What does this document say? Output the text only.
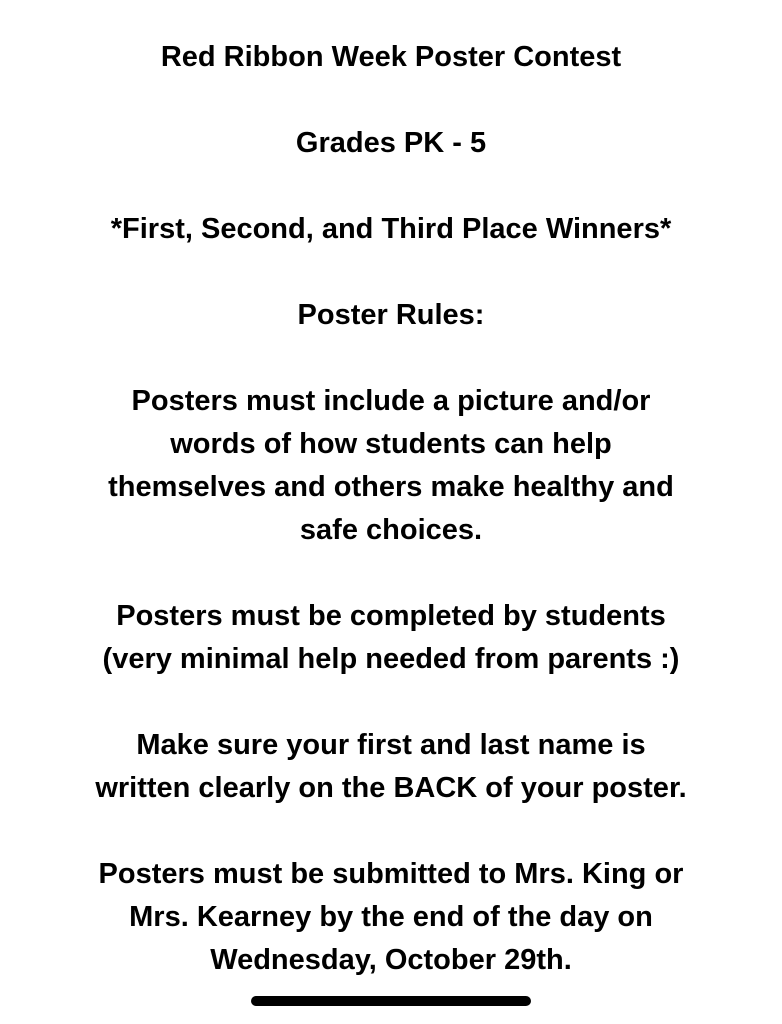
Red Ribbon Week Poster Contest
Grades PK - 5
*First, Second, and Third Place Winners*
Poster Rules:
Posters must include a picture and/or
words of how students can help
themselves and others make healthy and
safe choices.
Posters must be completed by students
(very minimal help needed from parents :)
Make sure your first and last name is
written clearly on the BACK of your poster.
Posters must be submitted to Mrs. King or
Mrs. Kearney by the end of the day on
Wednesday, October 29th.
